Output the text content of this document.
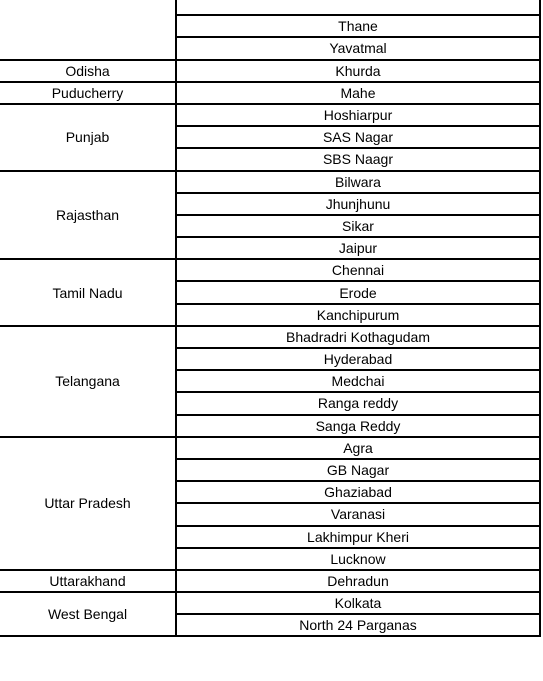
	Thane
	Yavatmal
Odisha	Khurda
Puducherry	Mahe
Punjab	Hoshiarpur
	SAS Nagar
	SBS Naagr
Rajasthan	Bilwara
	Jhunjhunu
	Sikar
	Jaipur
Tamil Nadu	Chennai
	Erode
	Kanchipurum
Telangana	Bhadradri Kothagudam
	Hyderabad
	Medchai
	Ranga reddy
	Sanga Reddy
Uttar Pradesh	Agra
	GB Nagar
	Ghaziabad
	Varanasi
	Lakhimpur Kheri
	Lucknow
Uttarakhand	Dehradun
West Bengal	Kolkata
	North 24 Parganas
